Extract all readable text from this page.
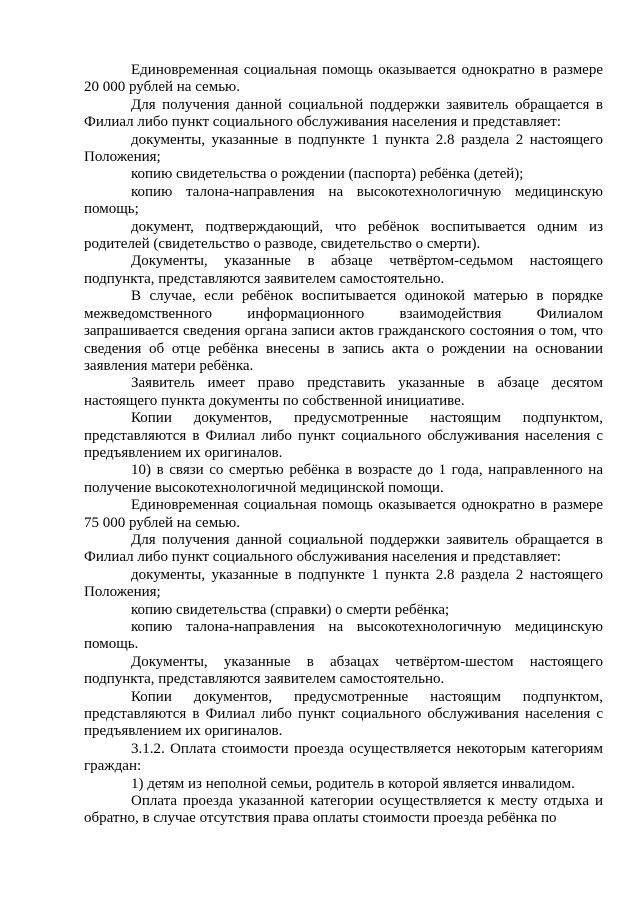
Единовременная социальная помощь оказывается однократно в размере 20 000 рублей на семью.

Для получения данной социальной поддержки заявитель обращается в Филиал либо пункт социального обслуживания населения и представляет:

документы, указанные в подпункте 1 пункта 2.8 раздела 2 настоящего Положения;

копию свидетельства о рождении (паспорта) ребёнка (детей);

копию талона-направления на высокотехнологичную медицинскую помощь;

документ, подтверждающий, что ребёнок воспитывается одним из родителей (свидетельство о разводе, свидетельство о смерти).

Документы, указанные в абзаце четвёртом-седьмом настоящего подпункта, представляются заявителем самостоятельно.

В случае, если ребёнок воспитывается одинокой матерью в порядке межведомственного информационного взаимодействия Филиалом запрашивается сведения органа записи актов гражданского состояния о том, что сведения об отце ребёнка внесены в запись акта о рождении на основании заявления матери ребёнка.

Заявитель имеет право представить указанные в абзаце десятом настоящего пункта документы по собственной инициативе.

Копии документов, предусмотренные настоящим подпунктом, представляются в Филиал либо пункт социального обслуживания населения с предъявлением их оригиналов.

10) в связи со смертью ребёнка в возрасте до 1 года, направленного на получение высокотехнологичной медицинской помощи.

Единовременная социальная помощь оказывается однократно в размере 75 000 рублей на семью.

Для получения данной социальной поддержки заявитель обращается в Филиал либо пункт социального обслуживания населения и представляет:

документы, указанные в подпункте 1 пункта 2.8 раздела 2 настоящего Положения;

копию свидетельства (справки) о смерти ребёнка;

копию талона-направления на высокотехнологичную медицинскую помощь.

Документы, указанные в абзацах четвёртом-шестом настоящего подпункта, представляются заявителем самостоятельно.

Копии документов, предусмотренные настоящим подпунктом, представляются в Филиал либо пункт социального обслуживания населения с предъявлением их оригиналов.

3.1.2. Оплата стоимости проезда осуществляется некоторым категориям граждан:

1) детям из неполной семьи, родитель в которой является инвалидом.

Оплата проезда указанной категории осуществляется к месту отдыха и обратно, в случае отсутствия права оплаты стоимости проезда ребёнка по
